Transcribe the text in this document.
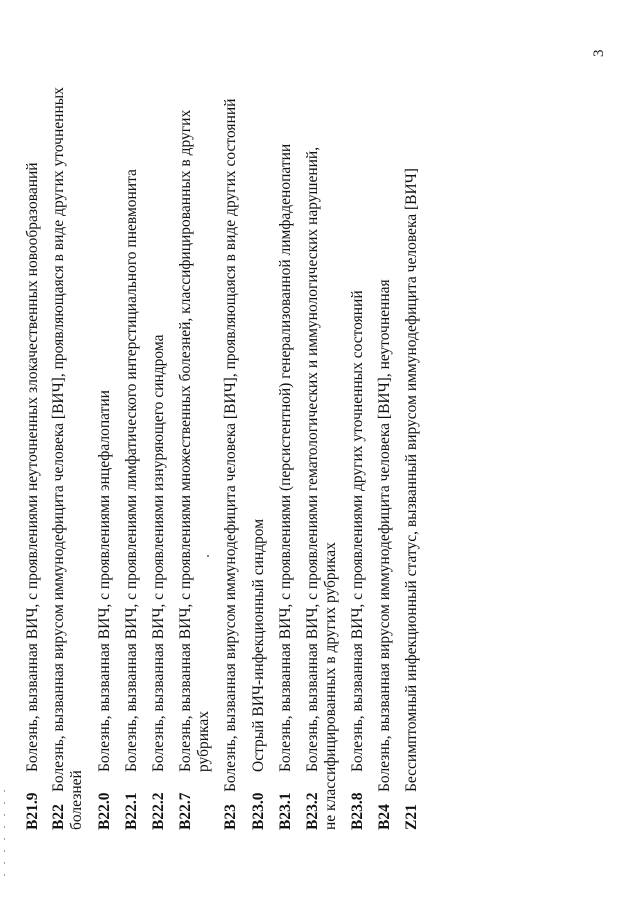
B21.9Болезнь, вызванная ВИЧ, с проявлениями неуточненных злокачественных новообразований
B22Болезнь, вызванная вирусом иммунодефицита человека [ВИЧ], проявляющаяся в виде других уточненных
болезней B22.0Болезнь, вызванная ВИЧ, с проявлениями энцефалопатии
B22.1Болезнь, вызванная ВИЧ, с проявлениями лимфатического интерстициального пневмонита
B22.2Болезнь, вызванная ВИЧ, с проявлениями изнуряющего синдрома
B22.7Болезнь, вызванная ВИЧ, с проявлениями множественных болезней, классифицированных в других рубриках
B23Болезнь, вызванная вирусом иммунодефицита человека [ВИЧ], проявляющаяся в виде других состояний
B23.0Острый ВИЧ-инфекционный синдром
B23.1Болезнь, вызванная ВИЧ, с проявлениями (персистентной) генерализованной лимфаденопатии
B23.2Болезнь, вызванная ВИЧ, с проявлениями гематологических и иммунологических нарушений, не классифицированных в других рубриках B23.8Болезнь, вызванная ВИЧ, с проявлениями других уточненных состояний
B24Болезнь, вызванная вирусом иммунодефицита человека [ВИЧ], неуточненная
Z21Бессимптомный инфекционный статус, вызванный вирусом иммунодефицита человека [ВИЧ]
3
